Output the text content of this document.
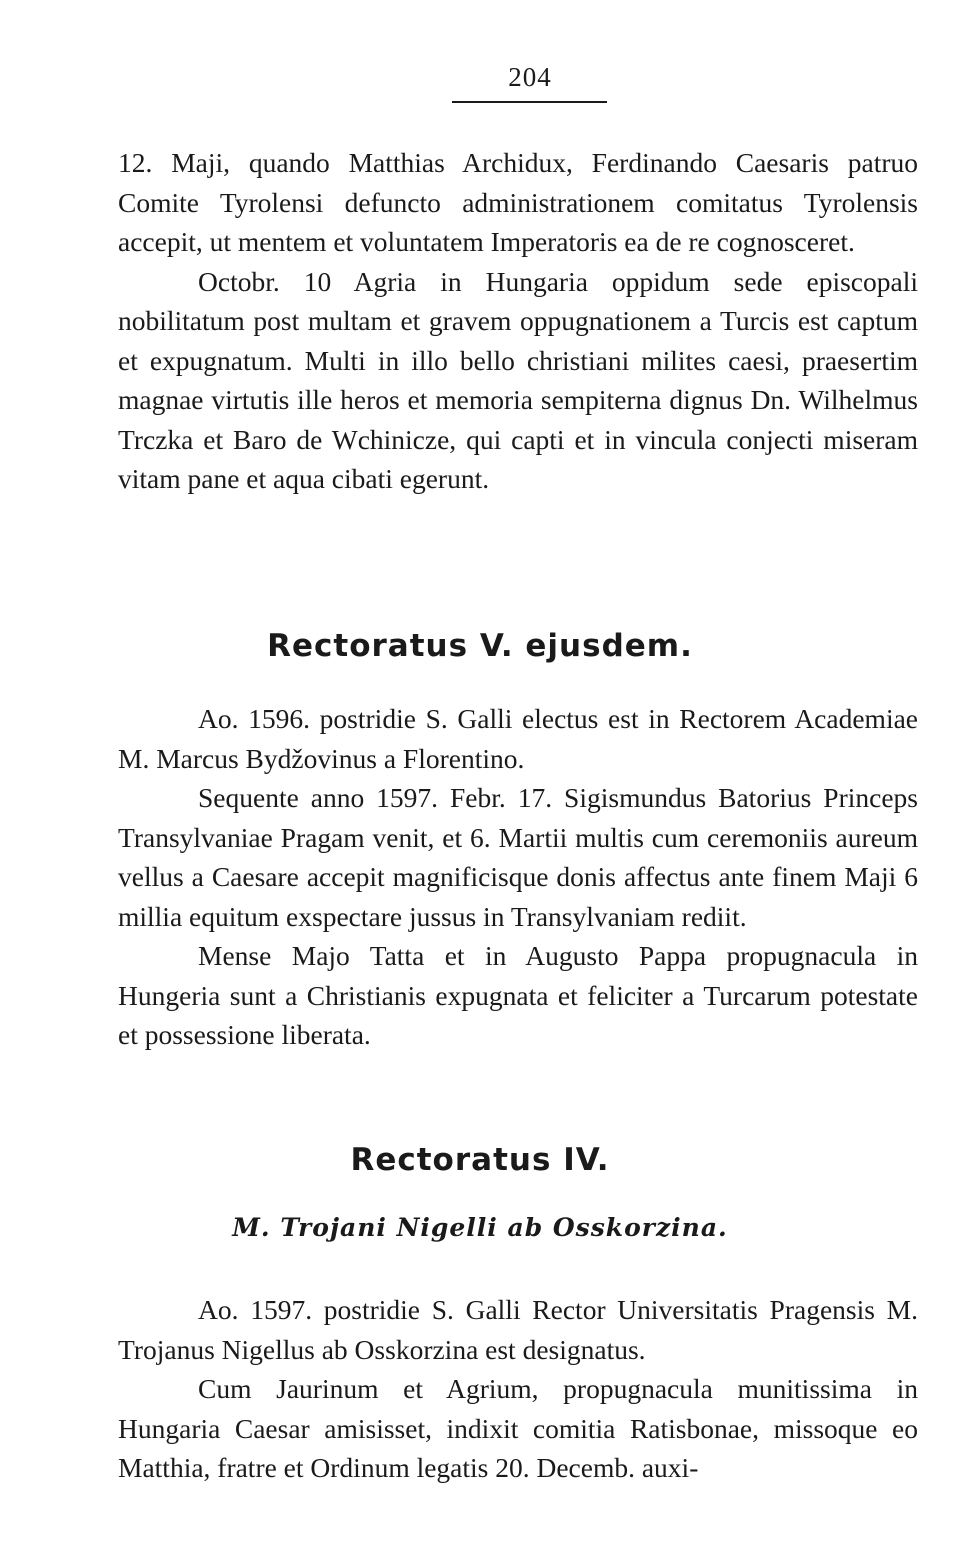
204

12. Maji, quando Matthias Archidux, Ferdinando Caesaris patruo Comite Tyrolensi defuncto administrationem comitatus Tyrolensis accepit, ut mentem et voluntatem Imperatoris ea de re cognosceret.

Octobr. 10 Agria in Hungaria oppidum sede episcopali nobilitatum post multam et gravem oppugnationem a Turcis est captum et expugnatum. Multi in illo bello christiani milites caesi, praesertim magnae virtutis ille heros et memoria sempiterna dignus Dn. Wilhelmus Trczka et Baro de Wchinicze, qui capti et in vincula conjecti miseram vitam pane et aqua cibati egerunt.

Rectoratus V. ejusdem.

Ao. 1596. postridie S. Galli electus est in Rectorem Academiae M. Marcus Bydžovinus a Florentino.

Sequente anno 1597. Febr. 17. Sigismundus Batorius Princeps Transylvaniae Pragam venit, et 6. Martii multis cum ceremoniis aureum vellus a Caesare accepit magnificisque donis affectus ante finem Maji 6 millia equitum exspectare jussus in Transylvaniam rediit.

Mense Majo Tatta et in Augusto Pappa propugnacula in Hungeria sunt a Christianis expugnata et feliciter a Turcarum potestate et possessione liberata.

Rectoratus IV.
M. Trojani Nigelli ab Osskorzina.

Ao. 1597. postridie S. Galli Rector Universitatis Pragensis M. Trojanus Nigellus ab Osskorzina est designatus.

Cum Jaurinum et Agrium, propugnacula munitissima in Hungaria Caesar amisisset, indixit comitia Ratisbonae, missoque eo Matthia, fratre et Ordinum legatis 20. Decemb. auxi-
